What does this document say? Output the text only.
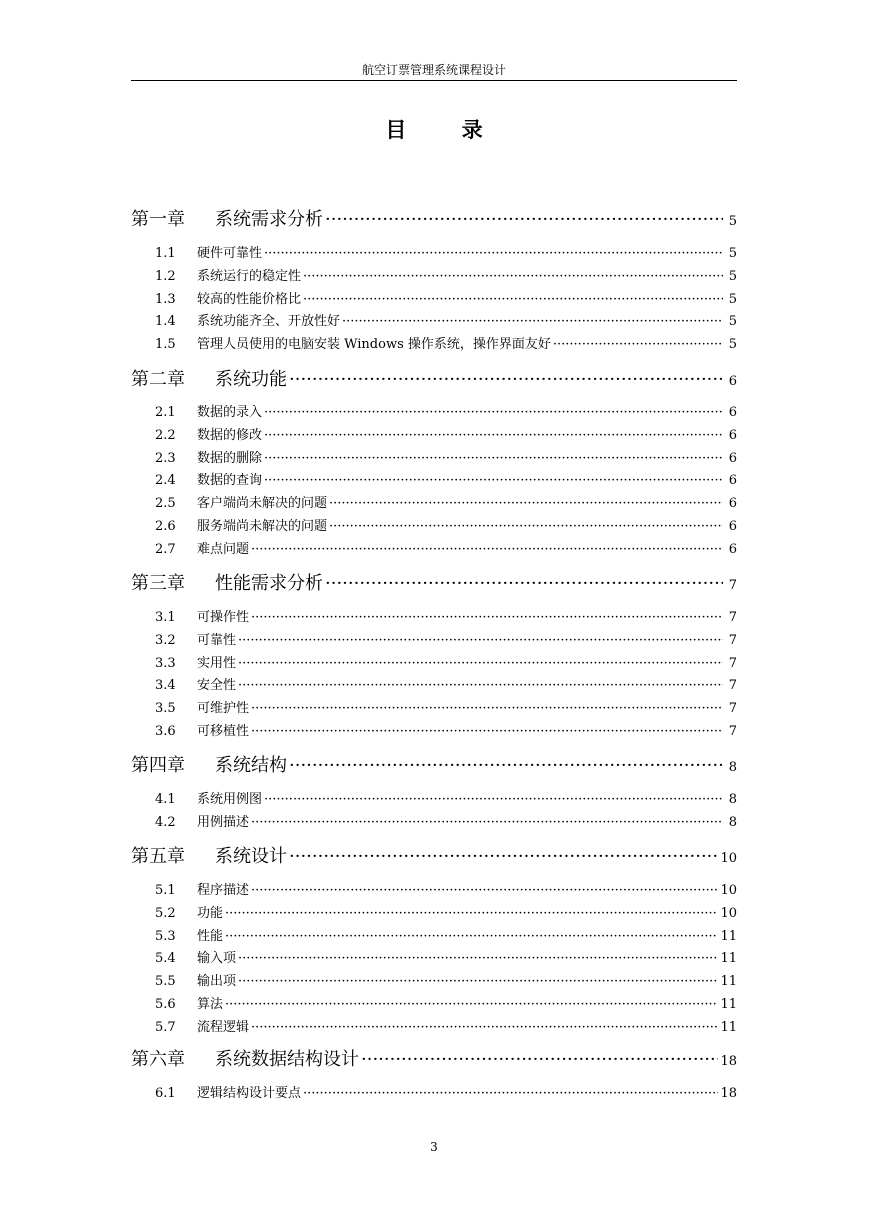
航空订票管理系统课程设计
目 录
第一章	系统需求分析 ·····	5
1.1	硬件可靠性 ·····	5
1.2	系统运行的稳定性 ·····	5
1.3	较高的性能价格比 ·····	5
1.4	系统功能齐全、开放性好 ·····	5
1.5	管理人员使用的电脑安装 Windows 操作系统，操作界面友好 ·····	5
第二章	系统功能 ·····	6
2.1	数据的录入 ·····	6
2.2	数据的修改 ·····	6
2.3	数据的删除 ·····	6
2.4	数据的查询 ·····	6
2.5	客户端尚未解决的问题 ·····	6
2.6	服务端尚未解决的问题 ·····	6
2.7	难点问题 ·····	6
第三章	性能需求分析 ·····	7
3.1	可操作性 ·····	7
3.2	可靠性 ·····	7
3.3	实用性 ·····	7
3.4	安全性 ·····	7
3.5	可维护性 ·····	7
3.6	可移植性 ·····	7
第四章	系统结构 ·····	8
4.1	系统用例图 ·····	8
4.2	用例描述 ·····	8
第五章	系统设计 ·····	10
5.1	程序描述 ·····	10
5.2	功能 ·····	10
5.3	性能 ·····	11
5.4	输入项 ·····	11
5.5	输出项 ·····	11
5.6	算法 ·····	11
5.7	流程逻辑 ·····	11
第六章	系统数据结构设计 ·····	18
6.1	逻辑结构设计要点 ·····	18
3
